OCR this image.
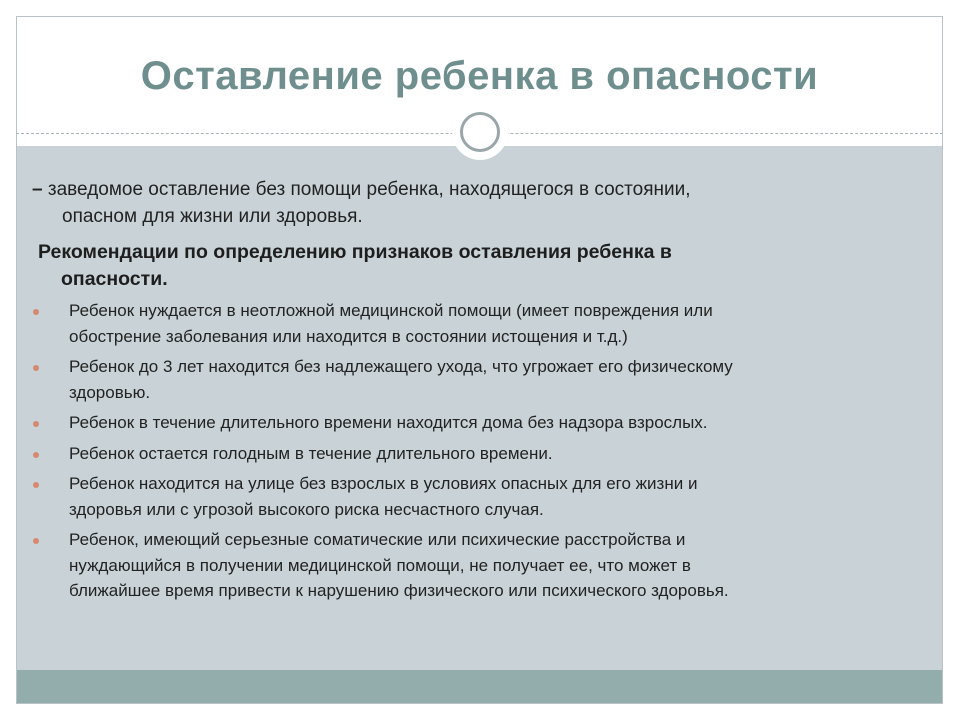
Оставление ребенка в опасности
– заведомое оставление без помощи ребенка, находящегося в состоянии,
опасном для жизни или здоровья.
Рекомендации по определению признаков оставления ребенка в
опасности.
Ребенок нуждается в неотложной медицинской помощи (имеет повреждения или
обострение заболевания или находится в состоянии истощения и т.д.)
Ребенок до 3 лет находится без надлежащего ухода, что угрожает его физическому
здоровью.
Ребенок в течение длительного времени находится дома без надзора взрослых.
Ребенок остается голодным в течение длительного времени.
Ребенок находится на улице без взрослых в условиях опасных для его жизни и
здоровья или с угрозой высокого риска несчастного случая.
Ребенок, имеющий серьезные соматические или психические расстройства и
нуждающийся в получении медицинской помощи, не получает ее, что может в
ближайшее время привести к нарушению физического или психического здоровья.
